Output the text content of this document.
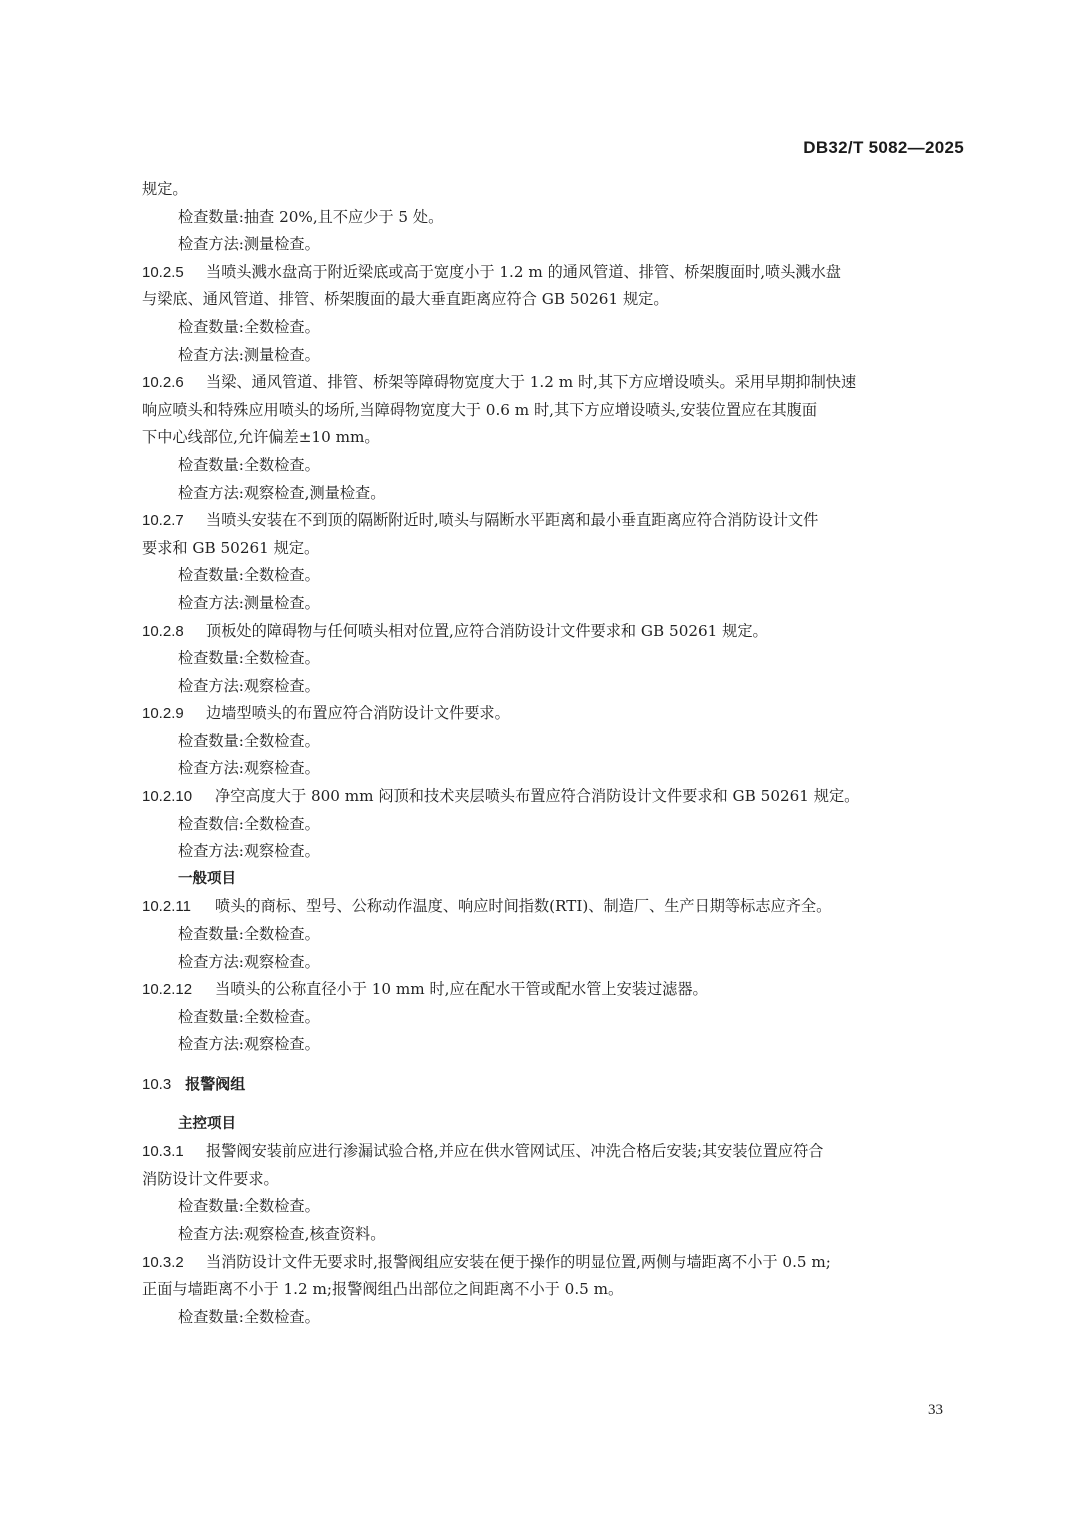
DB32/T 5082—2025
规定。
检查数量:抽查 20%,且不应少于 5 处。
检查方法:测量检查。
10.2.5 当喷头溅水盘高于附近梁底或高于宽度小于 1.2 m 的通风管道、排管、桥架腹面时,喷头溅水盘
与梁底、通风管道、排管、桥架腹面的最大垂直距离应符合 GB 50261 规定。
检查数量:全数检查。
检查方法:测量检查。
10.2.6 当梁、通风管道、排管、桥架等障碍物宽度大于 1.2 m 时,其下方应增设喷头。采用早期抑制快速
响应喷头和特殊应用喷头的场所,当障碍物宽度大于 0.6 m 时,其下方应增设喷头,安装位置应在其腹面
下中心线部位,允许偏差±10 mm。
检查数量:全数检查。
检查方法:观察检查,测量检查。
10.2.7 当喷头安装在不到顶的隔断附近时,喷头与隔断水平距离和最小垂直距离应符合消防设计文件
要求和 GB 50261 规定。
检查数量:全数检查。
检查方法:测量检查。
10.2.8 顶板处的障碍物与任何喷头相对位置,应符合消防设计文件要求和 GB 50261 规定。
检查数量:全数检查。
检查方法:观察检查。
10.2.9 边墙型喷头的布置应符合消防设计文件要求。
检查数量:全数检查。
检查方法:观察检查。
10.2.10 净空高度大于 800 mm 闷顶和技术夹层喷头布置应符合消防设计文件要求和 GB 50261 规定。
检查数信:全数检查。
检查方法:观察检查。
一般项目
10.2.11 喷头的商标、型号、公称动作温度、响应时间指数(RTI)、制造厂、生产日期等标志应齐全。
检查数量:全数检查。
检查方法:观察检查。
10.2.12 当喷头的公称直径小于 10 mm 时,应在配水干管或配水管上安装过滤器。
检查数量:全数检查。
检查方法:观察检查。
10.3 报警阀组
主控项目
10.3.1 报警阀安装前应进行渗漏试验合格,并应在供水管网试压、冲洗合格后安装;其安装位置应符合
消防设计文件要求。
检查数量:全数检查。
检查方法:观察检查,核查资料。
10.3.2 当消防设计文件无要求时,报警阀组应安装在便于操作的明显位置,两侧与墙距离不小于 0.5 m;
正面与墙距离不小于 1.2 m;报警阀组凸出部位之间距离不小于 0.5 m。
检查数量:全数检查。
33
